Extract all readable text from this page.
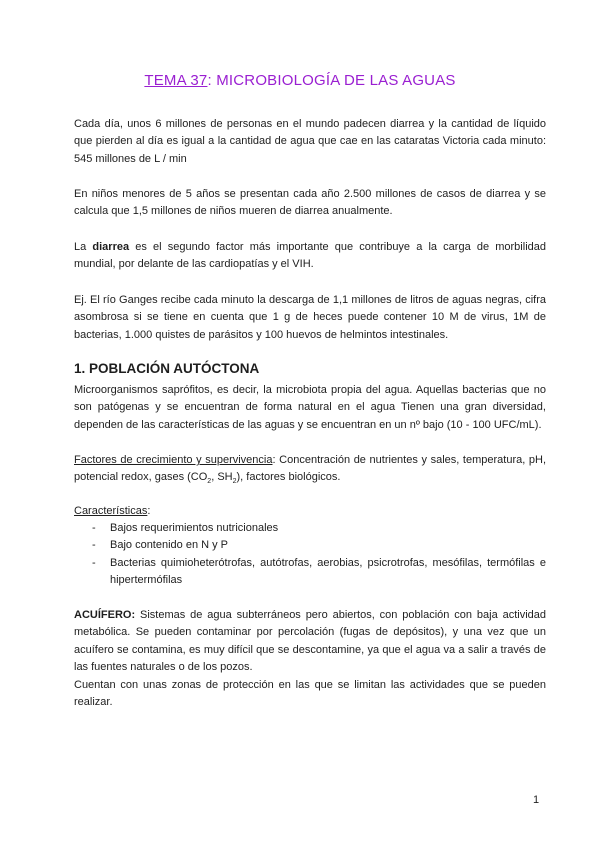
TEMA 37: MICROBIOLOGÍA DE LAS AGUAS

Cada día, unos 6 millones de personas en el mundo padecen diarrea y la cantidad de líquido que pierden al día es igual a la cantidad de agua que cae en las cataratas Victoria cada minuto: 545 millones de L / min

En niños menores de 5 años se presentan cada año 2.500 millones de casos de diarrea y se calcula que 1,5 millones de niños mueren de diarrea anualmente.

La diarrea es el segundo factor más importante que contribuye a la carga de morbilidad mundial, por delante de las cardiopatías y el VIH.

Ej. El río Ganges recibe cada minuto la descarga de 1,1 millones de litros de aguas negras, cifra asombrosa si se tiene en cuenta que 1 g de heces puede contener 10 M de virus, 1M de bacterias, 1.000 quistes de parásitos y 100 huevos de helmintos intestinales.

1. POBLACIÓN AUTÓCTONA

Microorganismos saprófitos, es decir, la microbiota propia del agua. Aquellas bacterias que no son patógenas y se encuentran de forma natural en el agua Tienen una gran diversidad, dependen de las características de las aguas y se encuentran en un nº bajo (10 - 100 UFC/mL).

Factores de crecimiento y supervivencia: Concentración de nutrientes y sales, temperatura, pH, potencial redox, gases ($CO_2$, $SH_2$), factores biológicos.

Características:

- Bajos requerimientos nutricionales
- Bajo contenido en N y P
- Bacterias quimioheterótrofas, autótrofas, aerobias, psicrotrofas, mesófilas, termófilas e hipertermófilas

ACUÍFERO: Sistemas de agua subterráneos pero abiertos, con población con baja actividad metabólica. Se pueden contaminar por percolación (fugas de depósitos), y una vez que un acuífero se contamina, es muy difícil que se descontamine, ya que el agua va a salir a través de las fuentes naturales o de los pozos.

Cuentan con unas zonas de protección en las que se limitan las actividades que se pueden realizar.

1
